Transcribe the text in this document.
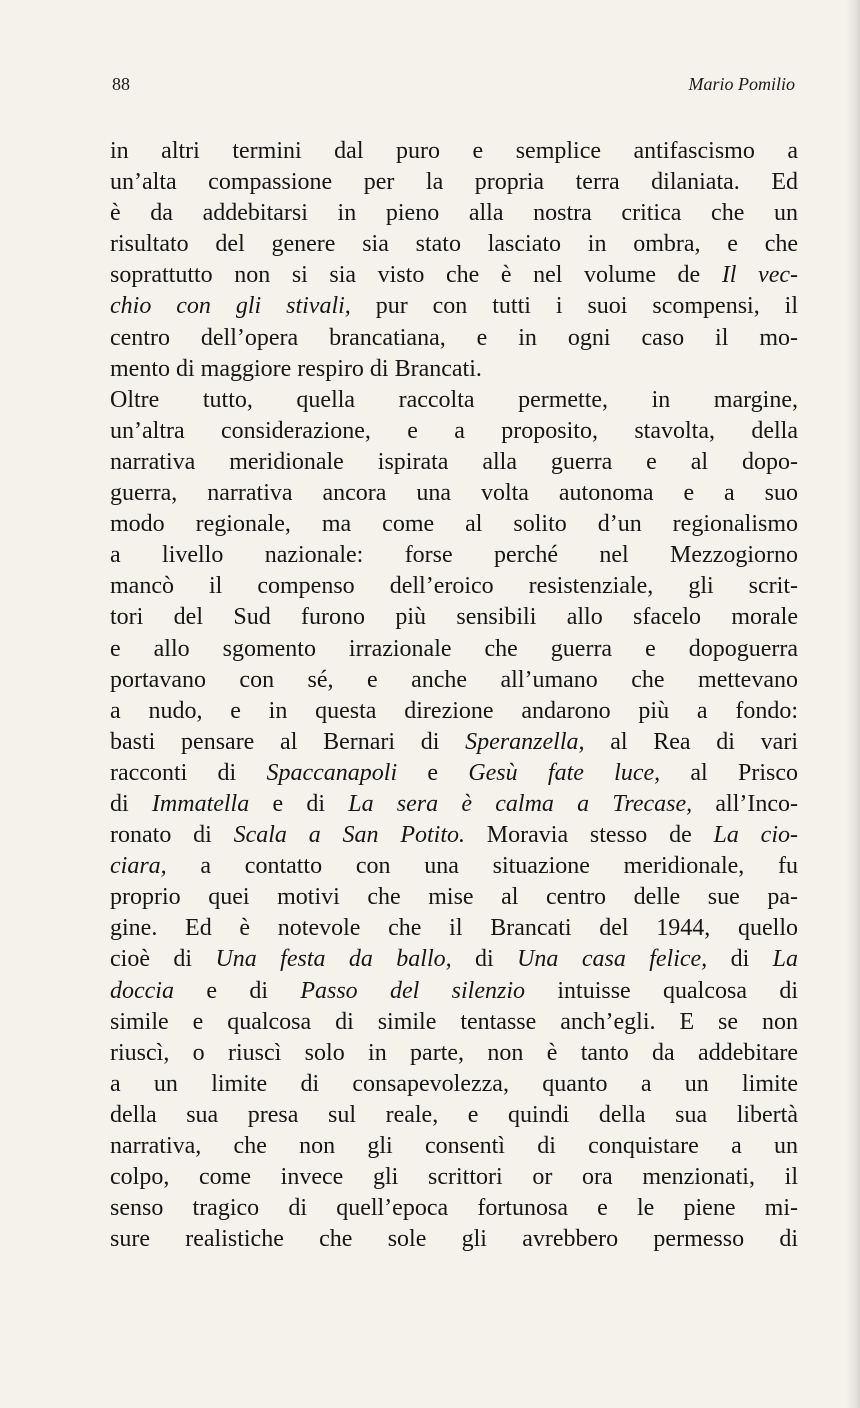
88	Mario Pomilio
in altri termini dal puro e semplice antifascismo a
un’alta compassione per la propria terra dilaniata. Ed
è da addebitarsi in pieno alla nostra critica che un
risultato del genere sia stato lasciato in ombra, e che
soprattutto non si sia visto che è nel volume de Il vec-
chio con gli stivali, pur con tutti i suoi scompensi, il
centro dell’opera brancatiana, e in ogni caso il mo-
mento di maggiore respiro di Brancati.
Oltre tutto, quella raccolta permette, in margine,
un’altra considerazione, e a proposito, stavolta, della
narrativa meridionale ispirata alla guerra e al dopo-
guerra, narrativa ancora una volta autonoma e a suo
modo regionale, ma come al solito d’un regionalismo
a livello nazionale: forse perché nel Mezzogiorno
mancò il compenso dell’eroico resistenziale, gli scrit-
tori del Sud furono più sensibili allo sfacelo morale
e allo sgomento irrazionale che guerra e dopoguerra
portavano con sé, e anche all’umano che mettevano
a nudo, e in questa direzione andarono più a fondo:
basti pensare al Bernari di Speranzella, al Rea di vari
racconti di Spaccanapoli e Gesù fate luce, al Prisco
di Immatella e di La sera è calma a Trecase, all’Inco-
ronato di Scala a San Potito. Moravia stesso de La cio-
ciara, a contatto con una situazione meridionale, fu
proprio quei motivi che mise al centro delle sue pa-
gine. Ed è notevole che il Brancati del 1944, quello
cioè di Una festa da ballo, di Una casa felice, di La
doccia e di Passo del silenzio intuisse qualcosa di
simile e qualcosa di simile tentasse anch’egli. E se non
riuscì, o riuscì solo in parte, non è tanto da addebitare
a un limite di consapevolezza, quanto a un limite
della sua presa sul reale, e quindi della sua libertà
narrativa, che non gli consentì di conquistare a un
colpo, come invece gli scrittori or ora menzionati, il
senso tragico di quell’epoca fortunosa e le piene mi-
sure realistiche che sole gli avrebbero permesso di
